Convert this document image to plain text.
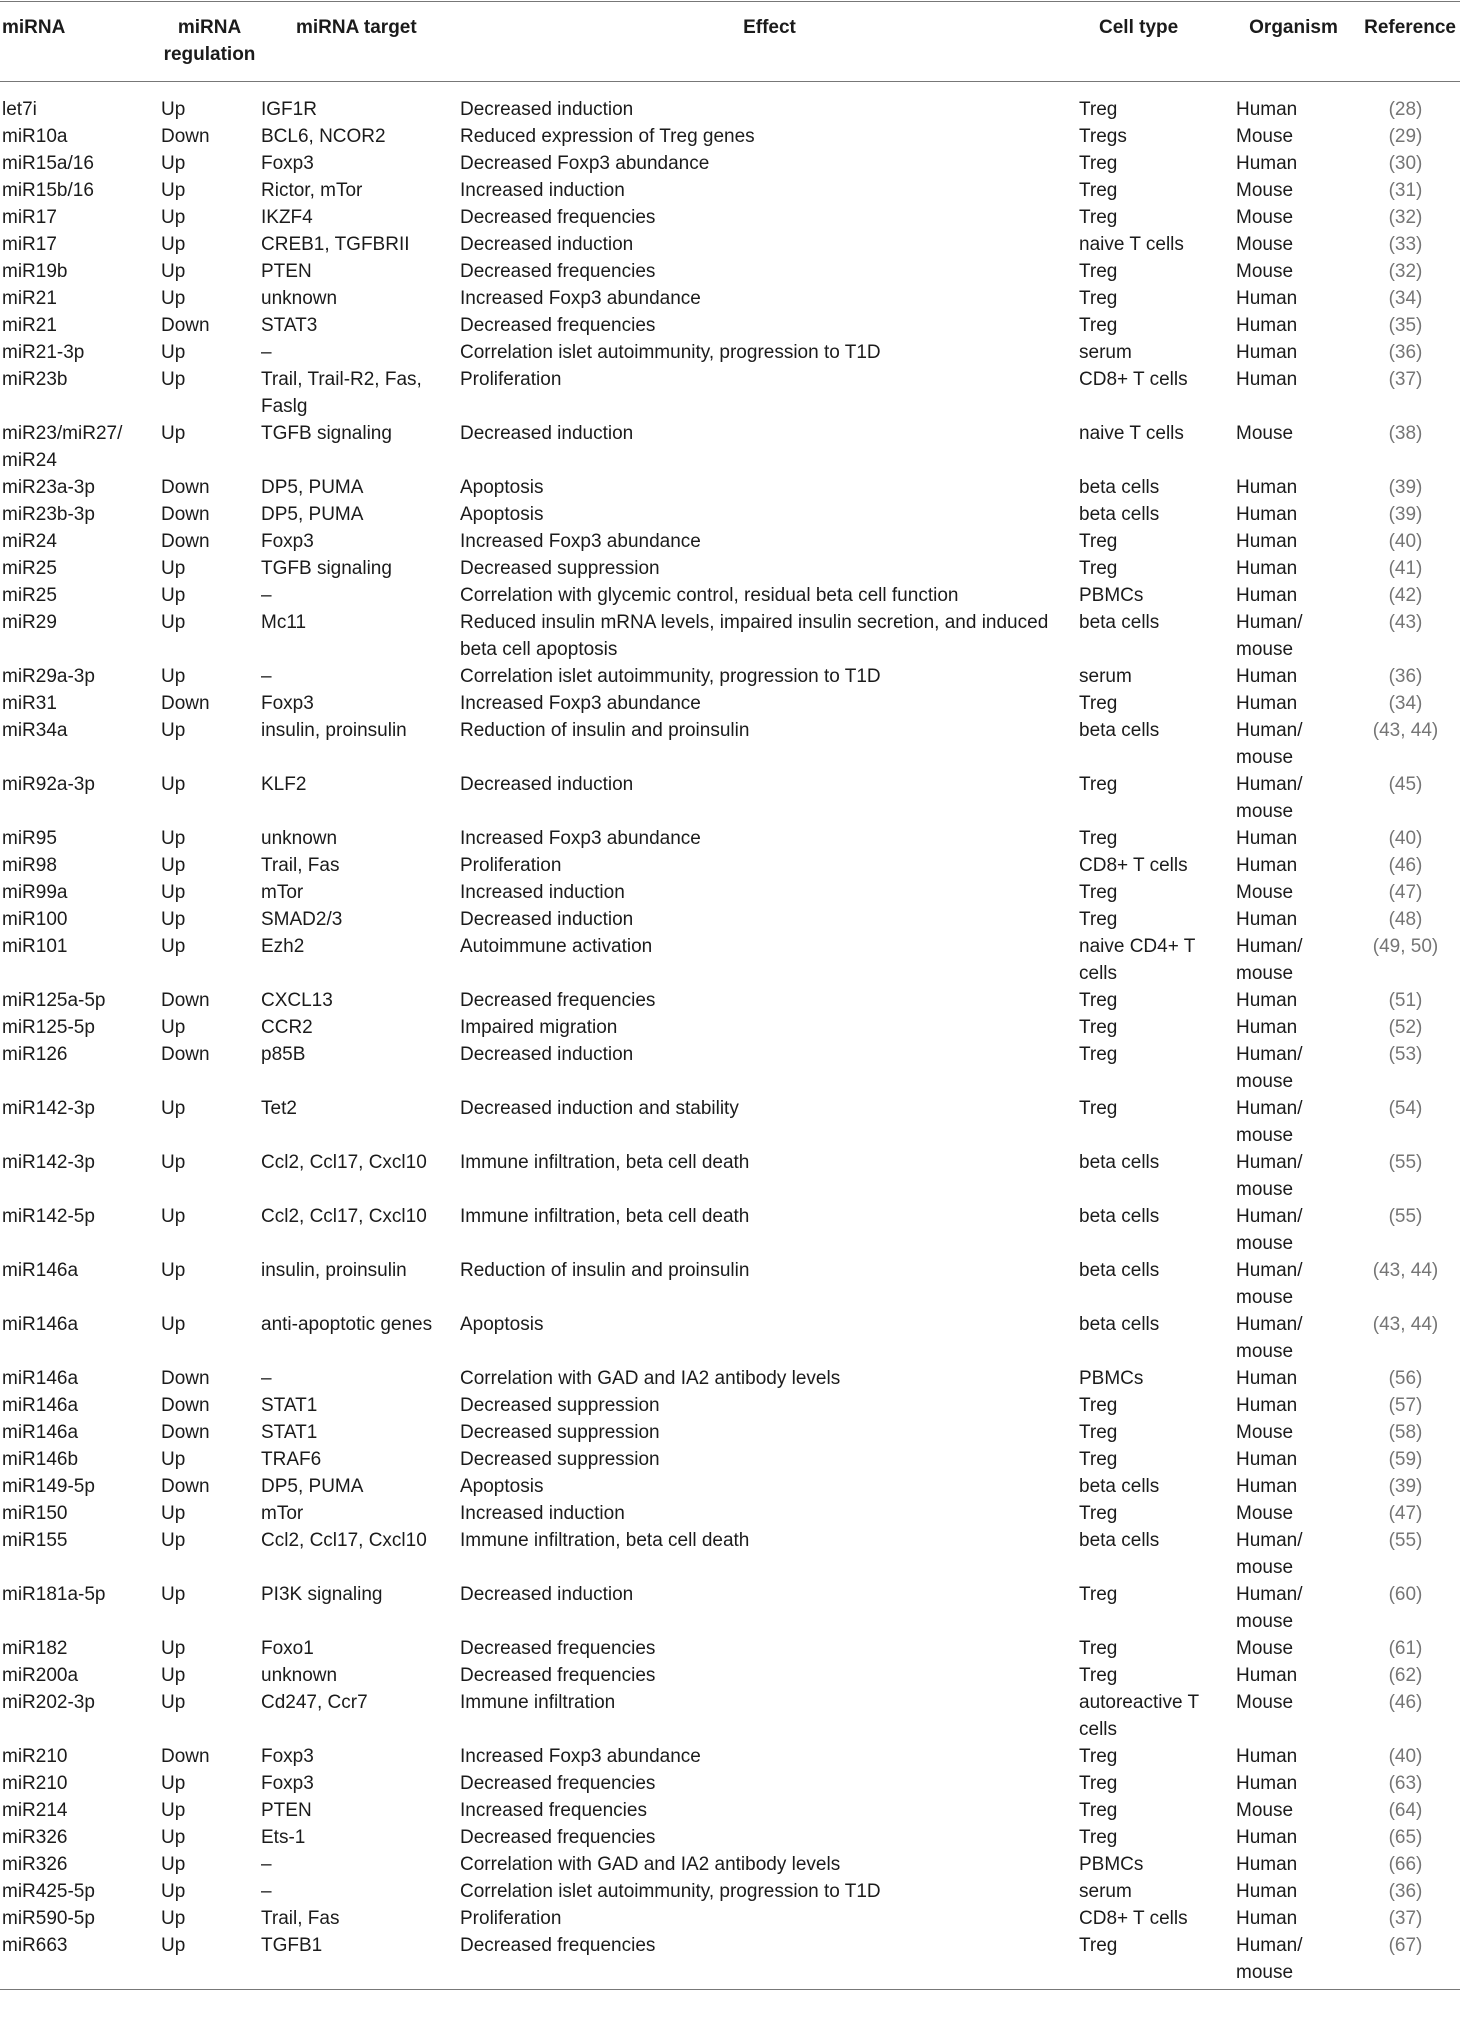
miRNA	miRNA regulation	miRNA target	Effect	Cell type	Organism	Reference
let7i	Up	IGF1R	Decreased induction	Treg	Human	(28)
miR10a	Down	BCL6, NCOR2	Reduced expression of Treg genes	Tregs	Mouse	(29)
miR15a/16	Up	Foxp3	Decreased Foxp3 abundance	Treg	Human	(30)
miR15b/16	Up	Rictor, mTor	Increased induction	Treg	Mouse	(31)
miR17	Up	IKZF4	Decreased frequencies	Treg	Mouse	(32)
miR17	Up	CREB1, TGFBRII	Decreased induction	naive T cells	Mouse	(33)
miR19b	Up	PTEN	Decreased frequencies	Treg	Mouse	(32)
miR21	Up	unknown	Increased Foxp3 abundance	Treg	Human	(34)
miR21	Down	STAT3	Decreased frequencies	Treg	Human	(35)
miR21-3p	Up	–	Correlation islet autoimmunity, progression to T1D	serum	Human	(36)
miR23b	Up	Trail, Trail-R2, Fas, Faslg	Proliferation	CD8+ T cells	Human	(37)
miR23/miR27/ miR24	Up	TGFB signaling	Decreased induction	naive T cells	Mouse	(38)
miR23a-3p	Down	DP5, PUMA	Apoptosis	beta cells	Human	(39)
miR23b-3p	Down	DP5, PUMA	Apoptosis	beta cells	Human	(39)
miR24	Down	Foxp3	Increased Foxp3 abundance	Treg	Human	(40)
miR25	Up	TGFB signaling	Decreased suppression	Treg	Human	(41)
miR25	Up	–	Correlation with glycemic control, residual beta cell function	PBMCs	Human	(42)
miR29	Up	Mc11	Reduced insulin mRNA levels, impaired insulin secretion, and induced beta cell apoptosis	beta cells	Human/ mouse	(43)
miR29a-3p	Up	–	Correlation islet autoimmunity, progression to T1D	serum	Human	(36)
miR31	Down	Foxp3	Increased Foxp3 abundance	Treg	Human	(34)
miR34a	Up	insulin, proinsulin	Reduction of insulin and proinsulin	beta cells	Human/ mouse	(43, 44)
miR92a-3p	Up	KLF2	Decreased induction	Treg	Human/ mouse	(45)
miR95	Up	unknown	Increased Foxp3 abundance	Treg	Human	(40)
miR98	Up	Trail, Fas	Proliferation	CD8+ T cells	Human	(46)
miR99a	Up	mTor	Increased induction	Treg	Mouse	(47)
miR100	Up	SMAD2/3	Decreased induction	Treg	Human	(48)
miR101	Up	Ezh2	Autoimmune activation	naive CD4+ T cells	Human/ mouse	(49, 50)
miR125a-5p	Down	CXCL13	Decreased frequencies	Treg	Human	(51)
miR125-5p	Up	CCR2	Impaired migration	Treg	Human	(52)
miR126	Down	p85B	Decreased induction	Treg	Human/ mouse	(53)
miR142-3p	Up	Tet2	Decreased induction and stability	Treg	Human/ mouse	(54)
miR142-3p	Up	Ccl2, Ccl17, Cxcl10	Immune infiltration, beta cell death	beta cells	Human/ mouse	(55)
miR142-5p	Up	Ccl2, Ccl17, Cxcl10	Immune infiltration, beta cell death	beta cells	Human/ mouse	(55)
miR146a	Up	insulin, proinsulin	Reduction of insulin and proinsulin	beta cells	Human/ mouse	(43, 44)
miR146a	Up	anti-apoptotic genes	Apoptosis	beta cells	Human/ mouse	(43, 44)
miR146a	Down	–	Correlation with GAD and IA2 antibody levels	PBMCs	Human	(56)
miR146a	Down	STAT1	Decreased suppression	Treg	Human	(57)
miR146a	Down	STAT1	Decreased suppression	Treg	Mouse	(58)
miR146b	Up	TRAF6	Decreased suppression	Treg	Human	(59)
miR149-5p	Down	DP5, PUMA	Apoptosis	beta cells	Human	(39)
miR150	Up	mTor	Increased induction	Treg	Mouse	(47)
miR155	Up	Ccl2, Ccl17, Cxcl10	Immune infiltration, beta cell death	beta cells	Human/ mouse	(55)
miR181a-5p	Up	PI3K signaling	Decreased induction	Treg	Human/ mouse	(60)
miR182	Up	Foxo1	Decreased frequencies	Treg	Mouse	(61)
miR200a	Up	unknown	Decreased frequencies	Treg	Human	(62)
miR202-3p	Up	Cd247, Ccr7	Immune infiltration	autoreactive T cells	Mouse	(46)
miR210	Down	Foxp3	Increased Foxp3 abundance	Treg	Human	(40)
miR210	Up	Foxp3	Decreased frequencies	Treg	Human	(63)
miR214	Up	PTEN	Increased frequencies	Treg	Mouse	(64)
miR326	Up	Ets-1	Decreased frequencies	Treg	Human	(65)
miR326	Up	–	Correlation with GAD and IA2 antibody levels	PBMCs	Human	(66)
miR425-5p	Up	–	Correlation islet autoimmunity, progression to T1D	serum	Human	(36)
miR590-5p	Up	Trail, Fas	Proliferation	CD8+ T cells	Human	(37)
miR663	Up	TGFB1	Decreased frequencies	Treg	Human/ mouse	(67)
